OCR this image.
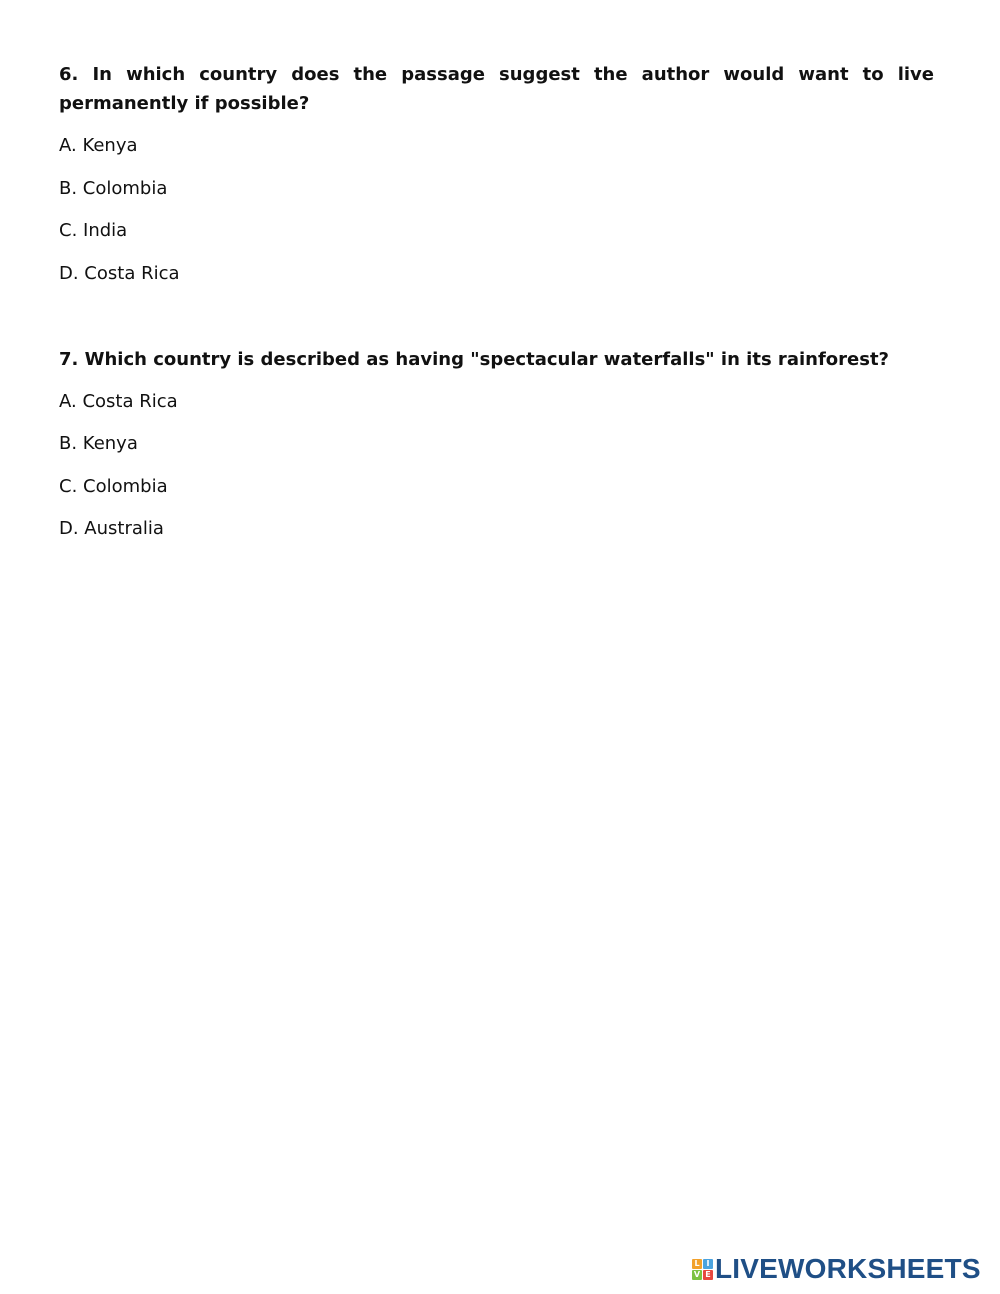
6. In which country does the passage suggest the author would want to live permanently if possible?

A. Kenya

B. Colombia

C. India

D. Costa Rica

7. Which country is described as having "spectacular waterfalls" in its rainforest?

A. Costa Rica

B. Kenya

C. Colombia

D. Australia

L I
V E LIVEWORKSHEETS
